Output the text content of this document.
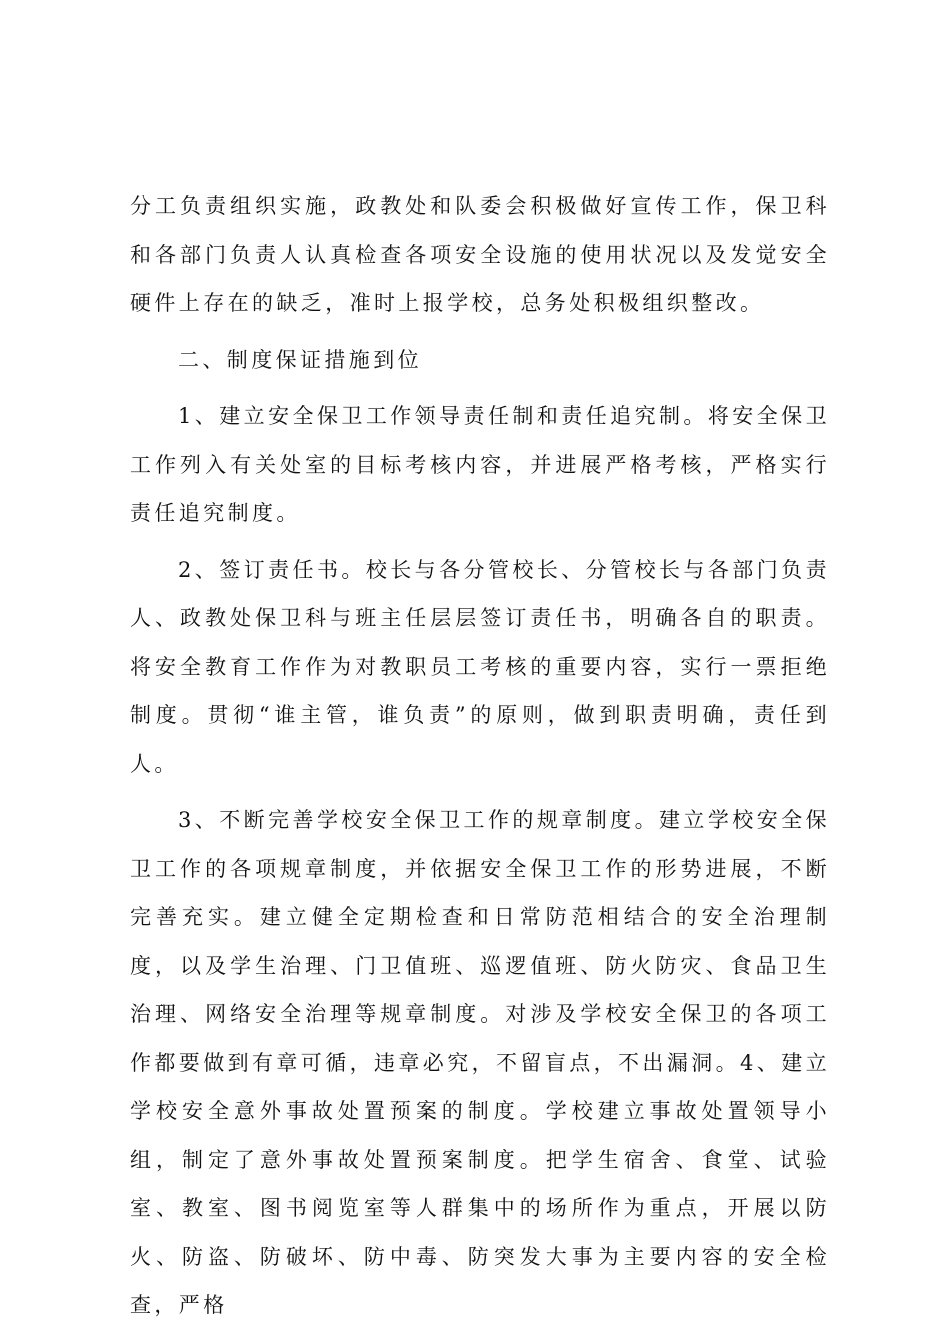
分工负责组织实施，政教处和队委会积极做好宣传工作，保卫科和各部门负责人认真检查各项安全设施的使用状况以及发觉安全硬件上存在的缺乏，准时上报学校，总务处积极组织整改。

二、制度保证措施到位

1、建立安全保卫工作领导责任制和责任追究制。将安全保卫工作列入有关处室的目标考核内容，并进展严格考核，严格实行责任追究制度。

2、签订责任书。校长与各分管校长、分管校长与各部门负责人、政教处保卫科与班主任层层签订责任书，明确各自的职责。将安全教育工作作为对教职员工考核的重要内容，实行一票拒绝制度。贯彻“谁主管，谁负责”的原则，做到职责明确，责任到人。

3、不断完善学校安全保卫工作的规章制度。建立学校安全保卫工作的各项规章制度，并依据安全保卫工作的形势进展，不断完善充实。建立健全定期检查和日常防范相结合的安全治理制度，以及学生治理、门卫值班、巡逻值班、防火防灾、食品卫生治理、网络安全治理等规章制度。对涉及学校安全保卫的各项工作都要做到有章可循，违章必究，不留盲点，不出漏洞。4、建立学校安全意外事故处置预案的制度。学校建立事故处置领导小组，制定了意外事故处置预案制度。把学生宿舍、食堂、试验室、教室、图书阅览室等人群集中的场所作为重点，开展以防火、防盗、防破坏、防中毒、防突发大事为主要内容的安全检查，严格
